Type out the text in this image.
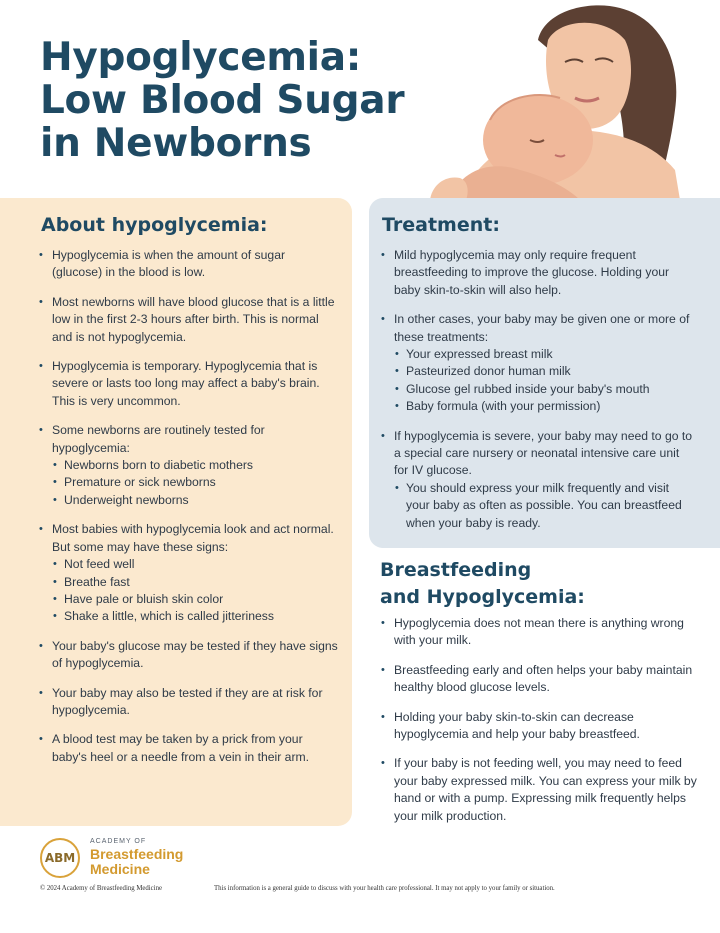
Hypoglycemia:
Low Blood Sugar
in Newborns
About hypoglycemia:
• Hypoglycemia is when the amount of sugar (glucose) in the blood is low.
• Most newborns will have blood glucose that is a little low in the first 2-3 hours after birth. This is normal and is not hypoglycemia.
• Hypoglycemia is temporary. Hypoglycemia that is severe or lasts too long may affect a baby's brain. This is very uncommon.
• Some newborns are routinely tested for hypoglycemia:
• Newborns born to diabetic mothers
• Premature or sick newborns
• Underweight newborns
• Most babies with hypoglycemia look and act normal. But some may have these signs:
• Not feed well
• Breathe fast
• Have pale or bluish skin color
• Shake a little, which is called jitteriness
• Your baby's glucose may be tested if they have signs of hypoglycemia.
• Your baby may also be tested if they are at risk for hypoglycemia.
• A blood test may be taken by a prick from your baby's heel or a needle from a vein in their arm.
Treatment:
• Mild hypoglycemia may only require frequent breastfeeding to improve the glucose. Holding your baby skin-to-skin will also help.
• In other cases, your baby may be given one or more of these treatments:
• Your expressed breast milk
• Pasteurized donor human milk
• Glucose gel rubbed inside your baby's mouth
• Baby formula (with your permission)
• If hypoglycemia is severe, your baby may need to go to a special care nursery or neonatal intensive care unit for IV glucose.
• You should express your milk frequently and visit your baby as often as possible. You can breastfeed when your baby is ready.
Breastfeeding
and Hypoglycemia:
• Hypoglycemia does not mean there is anything wrong with your milk.
• Breastfeeding early and often helps your baby maintain healthy blood glucose levels.
• Holding your baby skin-to-skin can decrease hypoglycemia and help your baby breastfeed.
• If your baby is not feeding well, you may need to feed your baby expressed milk. You can express your milk by hand or with a pump. Expressing milk frequently helps your milk production.
ABM
ACADEMY OF
Breastfeeding
Medicine
© 2024 Academy of Breastfeeding Medicine	This information is a general guide to discuss with your health care professional. It may not apply to your family or situation.
